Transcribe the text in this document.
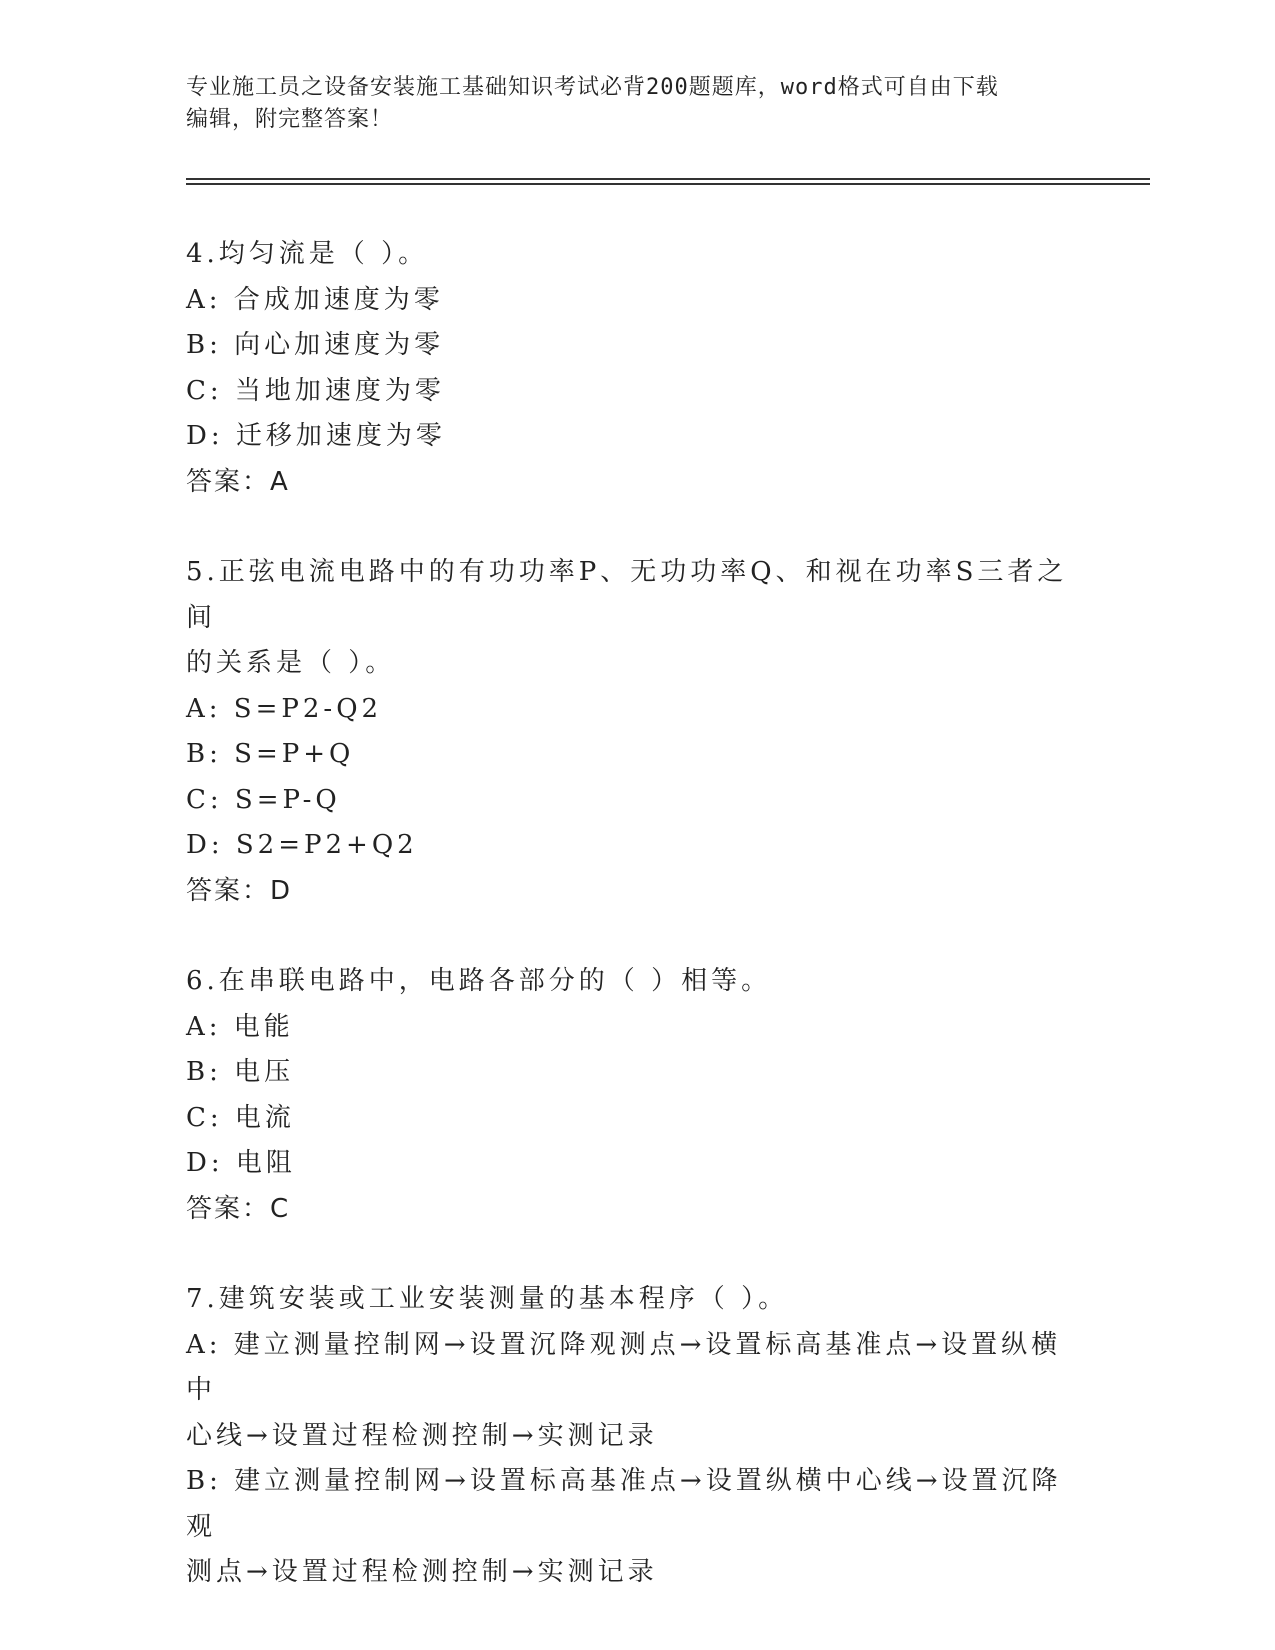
专业施工员之设备安装施工基础知识考试必背200题题库，word格式可自由下载
编辑，附完整答案！
4.均匀流是（ ）。
A: 合成加速度为零
B: 向心加速度为零
C: 当地加速度为零
D: 迁移加速度为零
答案：A
5.正弦电流电路中的有功功率P、无功功率Q、和视在功率S三者之间
的关系是（ ）。
A: S=P2-Q2
B: S=P+Q
C: S=P-Q
D: S2=P2+Q2
答案：D
6.在串联电路中，电路各部分的（ ）相等。
A: 电能
B: 电压
C: 电流
D: 电阻
答案：C
7.建筑安装或工业安装测量的基本程序（ ）。
A: 建立测量控制网→设置沉降观测点→设置标高基准点→设置纵横中
心线→设置过程检测控制→实测记录
B: 建立测量控制网→设置标高基准点→设置纵横中心线→设置沉降观
测点→设置过程检测控制→实测记录
